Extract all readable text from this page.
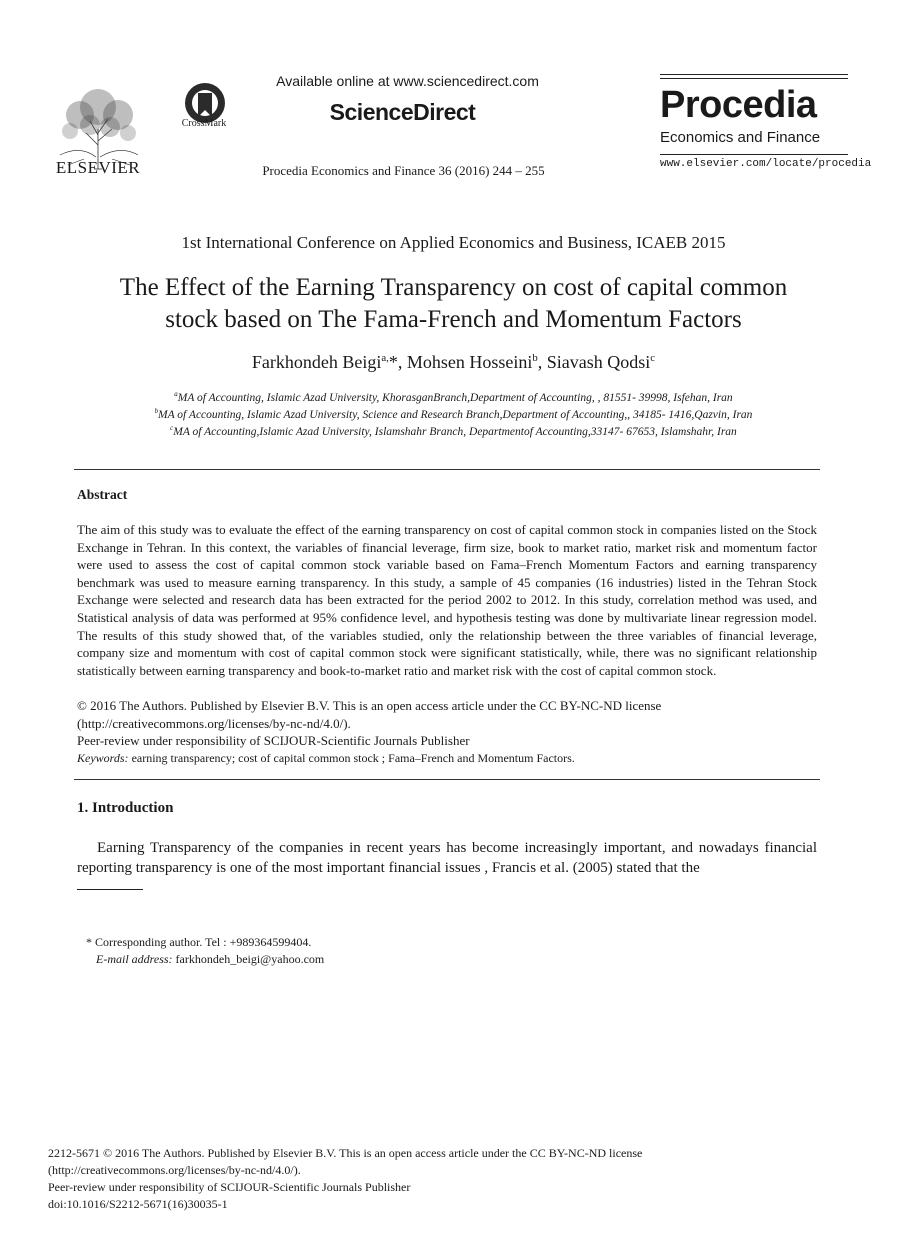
ELSEVIER
CrossMark
Available online at www.sciencedirect.com
ScienceDirect
Procedia Economics and Finance 36 (2016) 244 – 255
Procedia
Economics and Finance
www.elsevier.com/locate/procedia
1st International Conference on Applied Economics and Business, ICAEB 2015
The Effect of the Earning Transparency on cost of capital common
stock based on The Fama-French and Momentum Factors
Farkhondeh Beigi$^{a,}$*, Mohsen Hosseini$^b$, Siavash Qodsi$^c$
$^a$MA of Accounting, Islamic Azad University, KhorasganBranch,Department of Accounting, , 81551- 39998, Isfehan, Iran
$^b$MA of Accounting, Islamic Azad University, Science and Research Branch,Department of Accounting,, 34185- 1416,Qazvin, Iran
$^c$MA of Accounting,Islamic Azad University, Islamshahr Branch, Departmentof Accounting,33147- 67653, Islamshahr, Iran
Abstract
The aim of this study was to evaluate the effect of the earning transparency on cost of capital common stock in companies listed on the Stock Exchange in Tehran. In this context, the variables of financial leverage, firm size, book to market ratio, market risk and momentum factor were used to assess the cost of capital common stock variable based on Fama–French Momentum Factors and earning transparency benchmark was used to measure earning transparency. In this study, a sample of 45 companies (16 industries) listed in the Tehran Stock Exchange were selected and research data has been extracted for the period 2002 to 2012. In this study, correlation method was used, and Statistical analysis of data was performed at 95% confidence level, and hypothesis testing was done by multivariate linear regression model. The results of this study showed that, of the variables studied, only the relationship between the three variables of financial leverage, company size and momentum with cost of capital common stock were significant statistically, while, there was no significant relationship statistically between earning transparency and book-to-market ratio and market risk with the cost of capital common stock.
© 2016 The Authors. Published by Elsevier B.V. This is an open access article under the CC BY-NC-ND license
(http://creativecommons.org/licenses/by-nc-nd/4.0/).
Peer-review under responsibility of SCIJOUR-Scientific Journals Publisher
Keywords: earning transparency; cost of capital common stock ; Fama–French and Momentum Factors.
1. Introduction
Earning Transparency of the companies in recent years has become increasingly important, and nowadays financial reporting transparency is one of the most important financial issues , Francis et al. (2005) stated that the
* Corresponding author. Tel : +989364599404.
E-mail address: farkhondeh_beigi@yahoo.com
2212-5671 © 2016 The Authors. Published by Elsevier B.V. This is an open access article under the CC BY-NC-ND license
(http://creativecommons.org/licenses/by-nc-nd/4.0/).
Peer-review under responsibility of SCIJOUR-Scientific Journals Publisher
doi:10.1016/S2212-5671(16)30035-1
